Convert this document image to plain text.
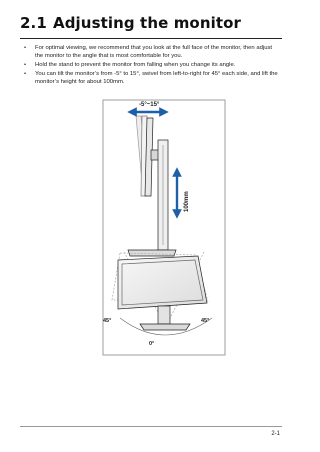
2.1 Adjusting the monitor
• For optimal viewing, we recommend that you look at the full face of the monitor, then adjust the monitor to the angle that is most comfortable for you.
• Hold the stand to prevent the monitor from falling when you change its angle.
• You can tilt the monitor’s from -5° to 15°, swivel from left-to-right for 45° each side, and lift the monitor’s height for about 100mm.
-5°~15°
100mm
45°	45°
0°
2-1
